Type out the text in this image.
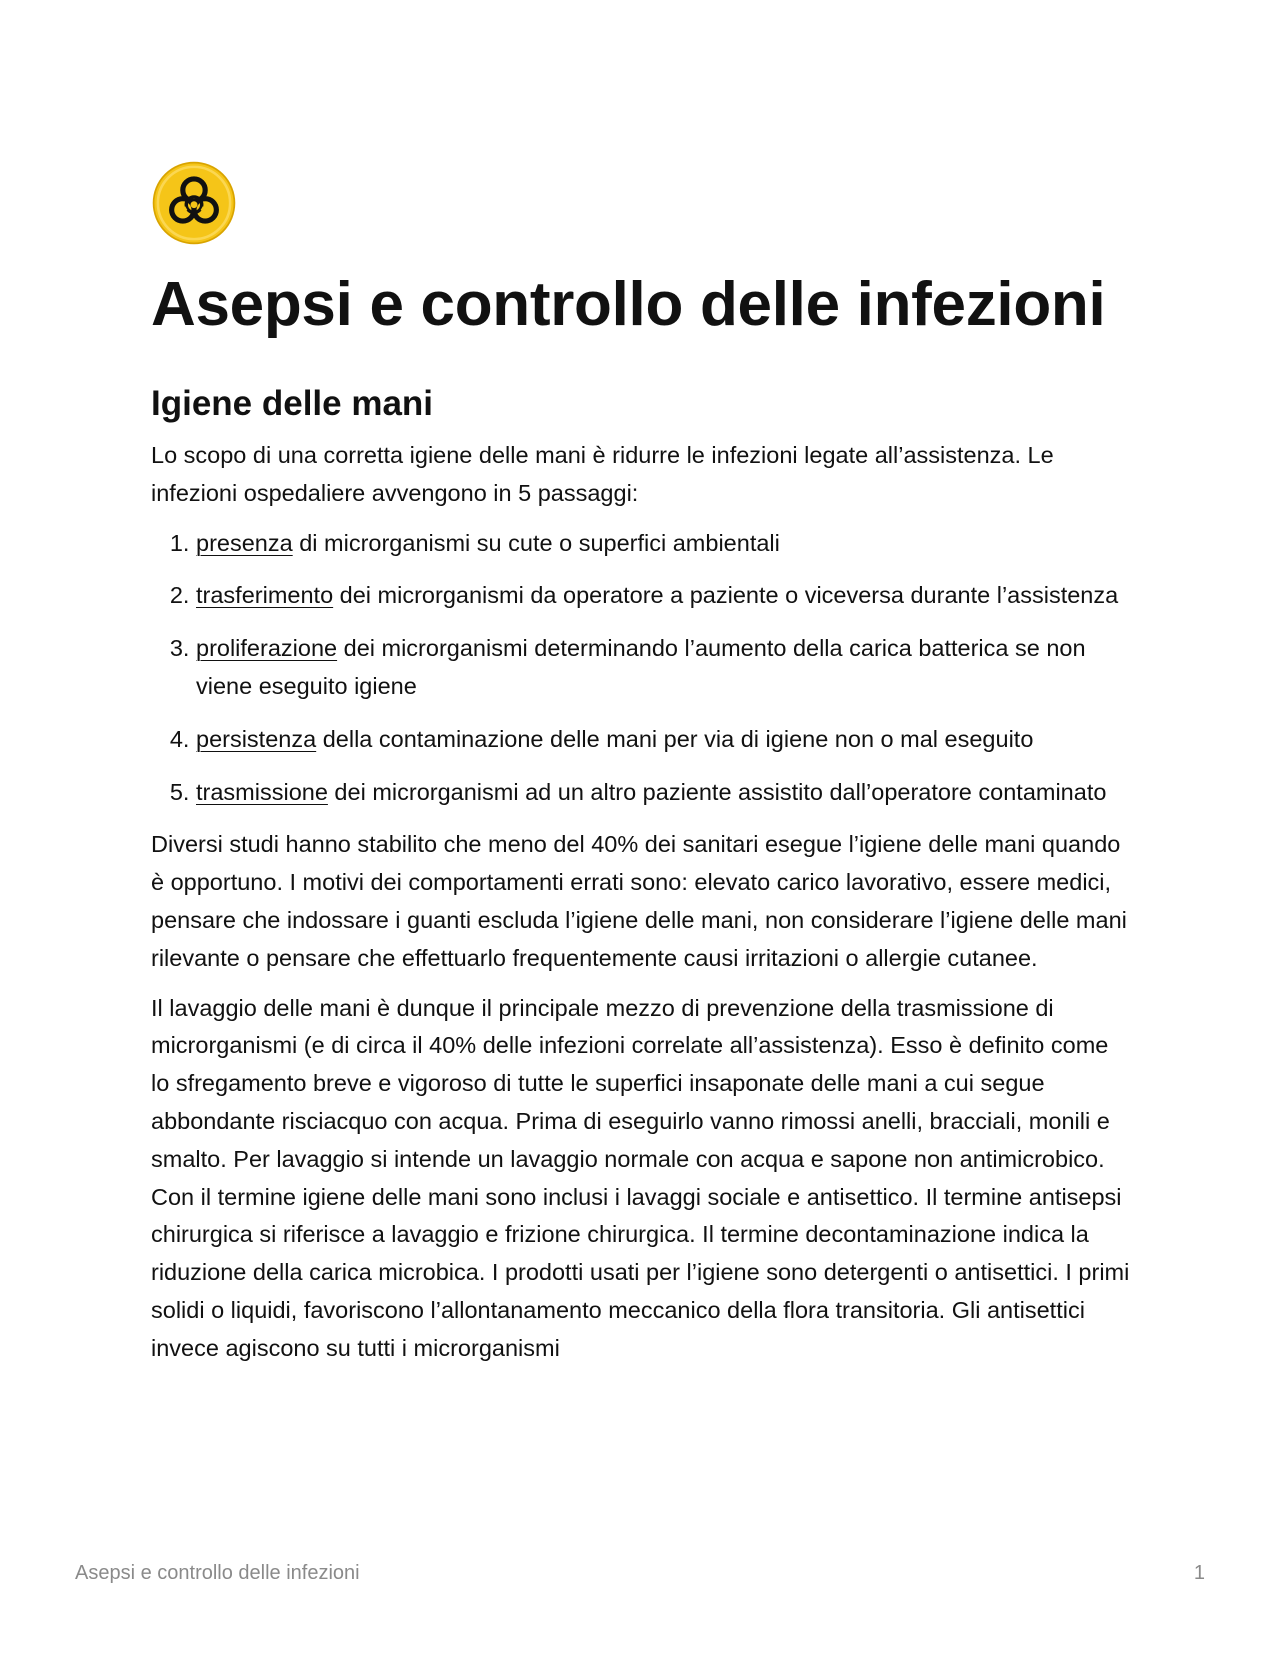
Asepsi e controllo delle infezioni
Igiene delle mani

Lo scopo di una corretta igiene delle mani è ridurre le infezioni legate all’assistenza. Le infezioni ospedaliere avvengono in 5 passaggi:

1. presenza di microrganismi su cute o superfici ambientali
2. trasferimento dei microrganismi da operatore a paziente o viceversa durante l’assistenza
3. proliferazione dei microrganismi determinando l’aumento della carica batterica se non viene eseguito igiene
4. persistenza della contaminazione delle mani per via di igiene non o mal eseguito
5. trasmissione dei microrganismi ad un altro paziente assistito dall’operatore contaminato

Diversi studi hanno stabilito che meno del 40% dei sanitari esegue l’igiene delle mani quando è opportuno. I motivi dei comportamenti errati sono: elevato carico lavorativo, essere medici, pensare che indossare i guanti escluda l’igiene delle mani, non considerare l’igiene delle mani rilevante o pensare che effettuarlo frequentemente causi irritazioni o allergie cutanee.

Il lavaggio delle mani è dunque il principale mezzo di prevenzione della trasmissione di microrganismi (e di circa il 40% delle infezioni correlate all’assistenza). Esso è definito come lo sfregamento breve e vigoroso di tutte le superfici insaponate delle mani a cui segue abbondante risciacquo con acqua. Prima di eseguirlo vanno rimossi anelli, bracciali, monili e smalto. Per lavaggio si intende un lavaggio normale con acqua e sapone non antimicrobico. Con il termine igiene delle mani sono inclusi i lavaggi sociale e antisettico. Il termine antisepsi chirurgica si riferisce a lavaggio e frizione chirurgica. Il termine decontaminazione indica la riduzione della carica microbica. I prodotti usati per l’igiene sono detergenti o antisettici. I primi solidi o liquidi, favoriscono l’allontanamento meccanico della flora transitoria. Gli antisettici invece agiscono su tutti i microrganismi

Asepsi e controllo delle infezioni	1
